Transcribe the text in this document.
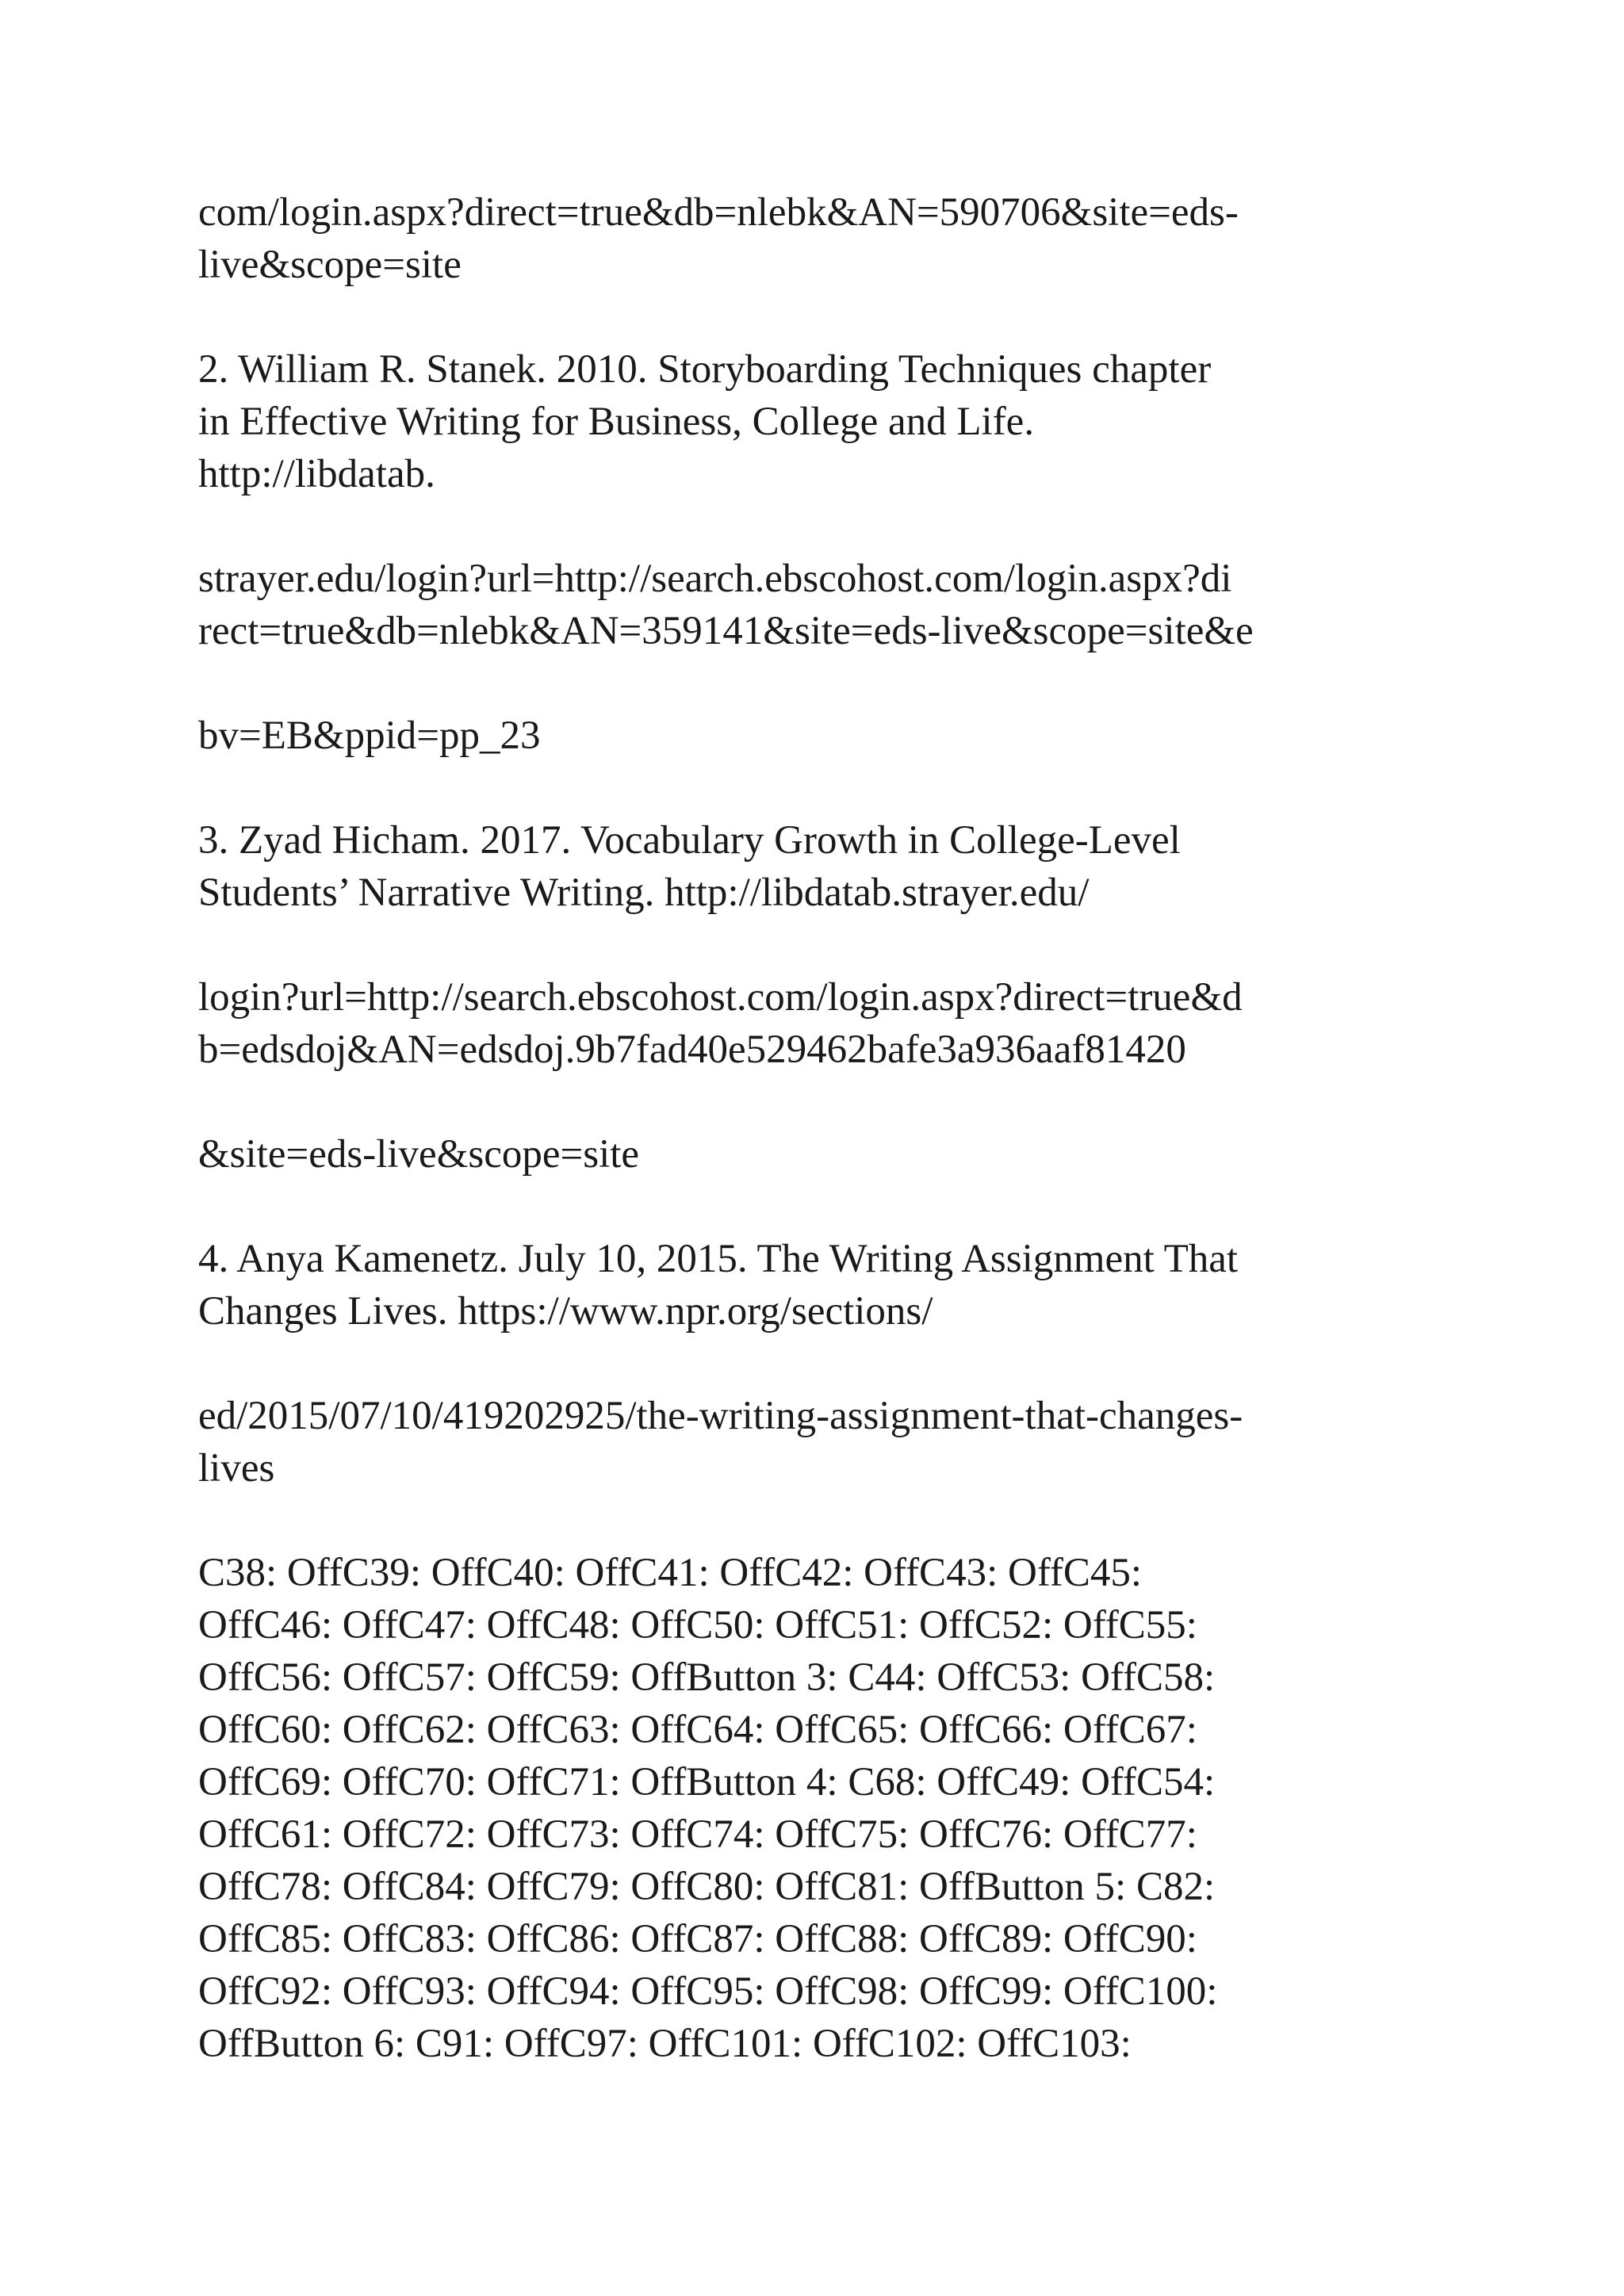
com/login.aspx?direct=true&db=nlebk&AN=590706&site=eds-
live&scope=site

2. William R. Stanek. 2010. Storyboarding Techniques chapter
in Effective Writing for Business, College and Life.
http://libdatab.

strayer.edu/login?url=http://search.ebscohost.com/login.aspx?di
rect=true&db=nlebk&AN=359141&site=eds-live&scope=site&e

bv=EB&ppid=pp_23

3. Zyad Hicham. 2017. Vocabulary Growth in College-Level
Students’ Narrative Writing. http://libdatab.strayer.edu/

login?url=http://search.ebscohost.com/login.aspx?direct=true&d
b=edsdoj&AN=edsdoj.9b7fad40e529462bafe3a936aaf81420

&site=eds-live&scope=site

4. Anya Kamenetz. July 10, 2015. The Writing Assignment That
Changes Lives. https://www.npr.org/sections/

ed/2015/07/10/419202925/the-writing-assignment-that-changes-
lives

C38: OffC39: OffC40: OffC41: OffC42: OffC43: OffC45:
OffC46: OffC47: OffC48: OffC50: OffC51: OffC52: OffC55:
OffC56: OffC57: OffC59: OffButton 3: C44: OffC53: OffC58:
OffC60: OffC62: OffC63: OffC64: OffC65: OffC66: OffC67:
OffC69: OffC70: OffC71: OffButton 4: C68: OffC49: OffC54:
OffC61: OffC72: OffC73: OffC74: OffC75: OffC76: OffC77:
OffC78: OffC84: OffC79: OffC80: OffC81: OffButton 5: C82:
OffC85: OffC83: OffC86: OffC87: OffC88: OffC89: OffC90:
OffC92: OffC93: OffC94: OffC95: OffC98: OffC99: OffC100:
OffButton 6: C91: OffC97: OffC101: OffC102: OffC103:
